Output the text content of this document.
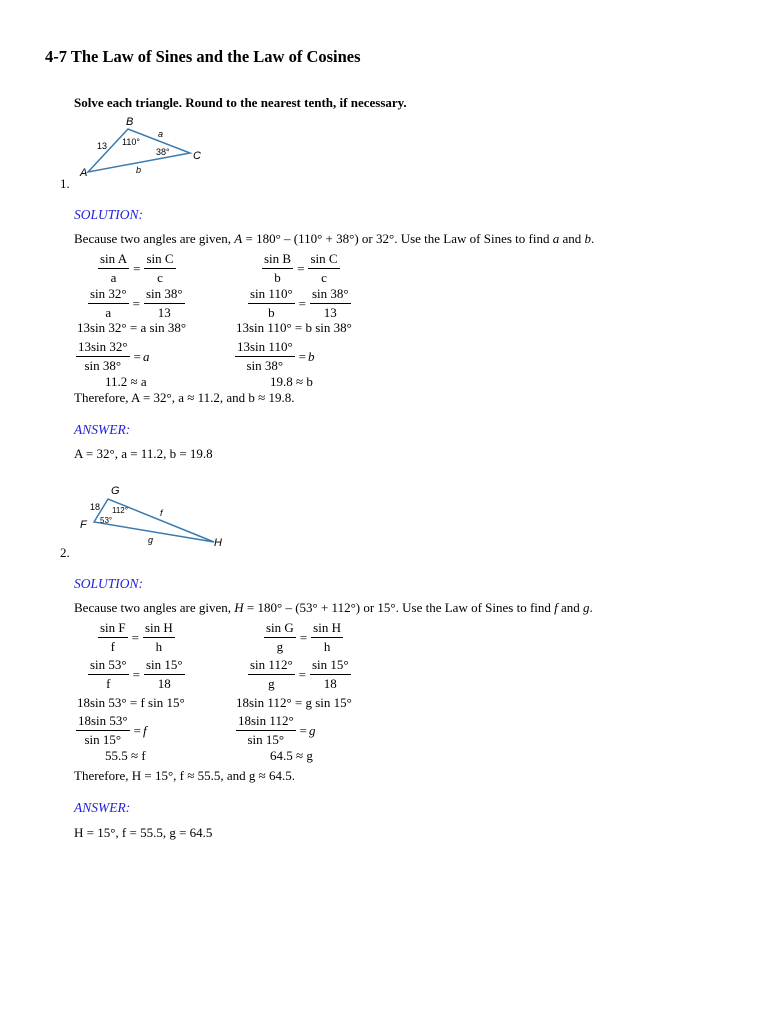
4-7 The Law of Sines and the Law of Cosines
Solve each triangle. Round to the nearest tenth, if necessary.
B
A
C
13
a
b
110°
38°
1.
SOLUTION:
Because two angles are given, A = 180° – (110° + 38°) or 32°. Use the Law of Sines to find a and b.
$\frac{\text{sin A}}{a} = \frac{\text{sin C}}{c}$
$\frac{\sin 32^\circ}{a} = \frac{\sin 38^\circ}{13}$
13sin 32° = a sin 38°
$\frac{13\sin 32^\circ}{\sin 38^\circ} = a$
11.2 ≈ a
$\frac{\text{sin B}}{b} = \frac{\text{sin C}}{c}$
$\frac{\sin 110^\circ}{b} = \frac{\sin 38^\circ}{13}$
13sin 110° = b sin 38°
$\frac{13\sin 110^\circ}{\sin 38^\circ} = b$
19.8 ≈ b
Therefore, A = 32°, a ≈ 11.2, and b ≈ 19.8.
ANSWER:
A = 32°, a = 11.2, b = 19.8
G
F
H
18
f
g
112°
53°
2.
SOLUTION:
Because two angles are given, H = 180° – (53° + 112°) or 15°. Use the Law of Sines to find f and g.
$\frac{\text{sin F}}{f} = \frac{\text{sin H}}{h}$
$\frac{\sin 53^\circ}{f} = \frac{\sin 15^\circ}{18}$
18sin 53° = f sin 15°
$\frac{18\sin 53^\circ}{\sin 15^\circ} = f$
55.5 ≈ f
$\frac{\text{sin G}}{g} = \frac{\text{sin H}}{h}$
$\frac{\sin 112^\circ}{g} = \frac{\sin 15^\circ}{18}$
18sin 112° = g sin 15°
$\frac{18\sin 112^\circ}{\sin 15^\circ} = g$
64.5 ≈ g
Therefore, H = 15°, f ≈ 55.5, and g ≈ 64.5.
ANSWER:
H = 15°, f = 55.5, g = 64.5
